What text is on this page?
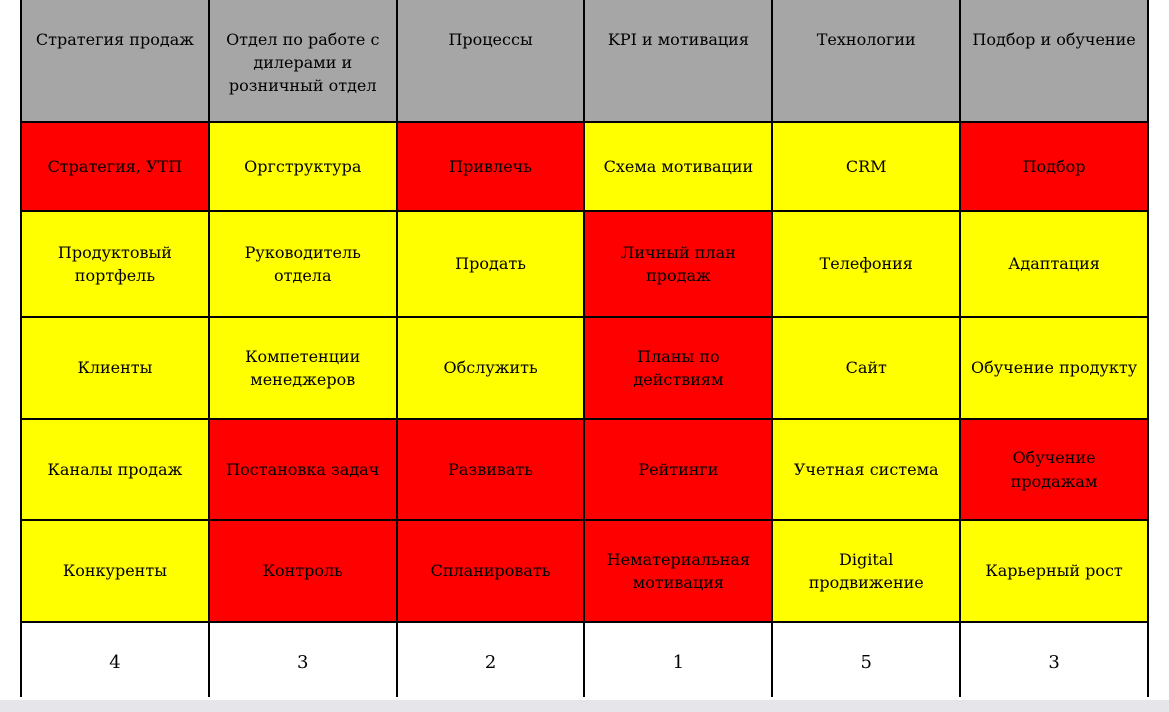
Стратегия продаж	Отдел по работе с дилерами и розничный отдел	Процессы	KPI и мотивация	Технологии	Подбор и обучение

Стратегия, УТП	Оргструктура	Привлечь	Схема мотивации	CRM	Подбор

Продуктовый портфель	Руководитель отдела	Продать	Личный план продаж	Телефония	Адаптация

Клиенты	Компетенции менеджеров	Обслужить	Планы по действиям	Сайт	Обучение продукту

Каналы продаж	Постановка задач	Развивать	Рейтинги	Учетная система	Обучение продажам

Конкуренты	Контроль	Спланировать	Нематериальная мотивация	Digital продвижение	Карьерный рост

4	3	2	1	5	3
